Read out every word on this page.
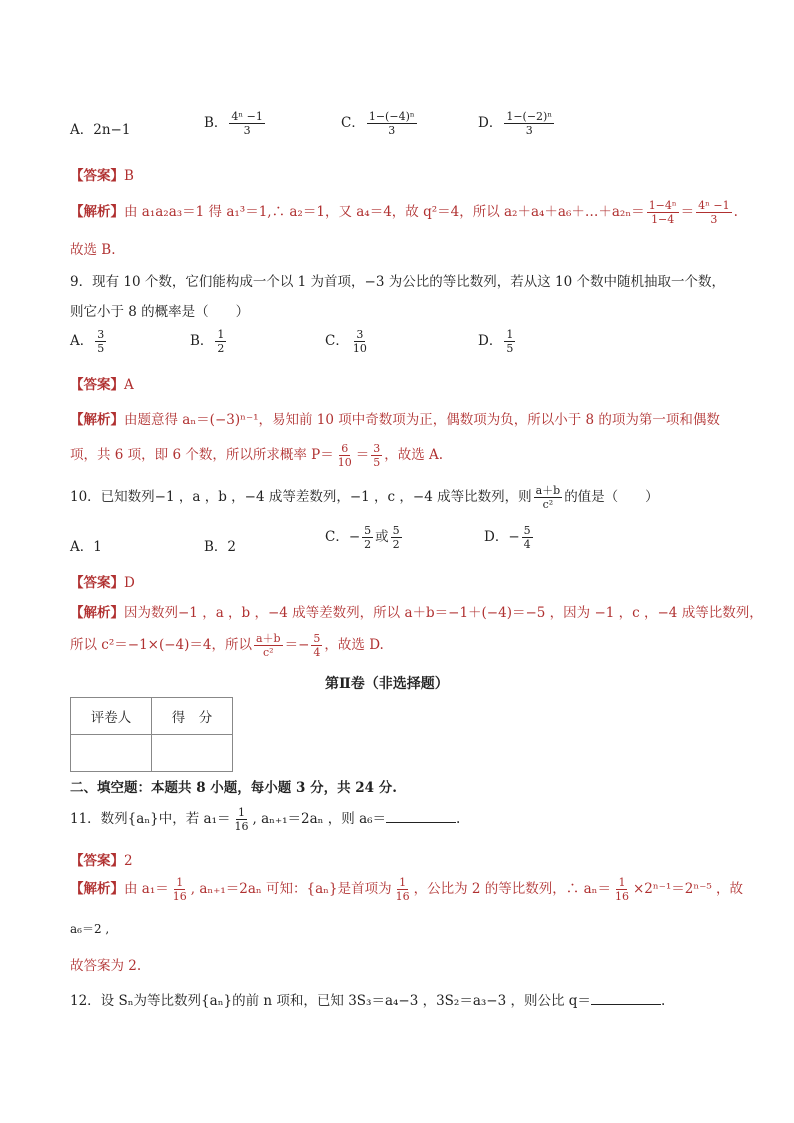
A．2n−1	B． $\frac{\text{4ⁿ −1}}{3}$	C． $\frac{\text{1−(−4)ⁿ}}{3}$	D． $\frac{\text{1−(−2)ⁿ}}{3}$
【答案】B
【解析】由 a₁a₂a₃＝1 得 a₁³＝1,∴ a₂＝1，又 a₄＝4，故 q²＝4，所以 a₂＋a₄＋a₆＋…＋a₂ₙ＝ $\frac{\text{1−4ⁿ}}{1-4} = \frac{\text{4ⁿ −1}}{3}$ .
故选 B.
9．现有 10 个数，它们能构成一个以 1 为首项，−3 为公比的等比数列，若从这 10 个数中随机抽取一个数，
则它小于 8 的概率是（　　）
A． $\frac{3}{5}$	B． $\frac{1}{2}$	C． $\frac{3}{10}$	D． $\frac{1}{5}$
【答案】A
【解析】由题意得 aₙ＝(−3)ⁿ⁻¹，易知前 10 项中奇数项为正，偶数项为负，所以小于 8 的项为第一项和偶数
项，共 6 项，即 6 个数，所以所求概率 $P= \frac{6}{10} = \frac{3}{5}$ ，故选 A.
10．已知数列−1 ，a ，b ，−4 成等差数列，−1 ，c ，−4 成等比数列，则 $\frac{a+b}{\text{c²}}$ 的值是（　　）
A．1	B．2
C．− $\frac{5}{2}$ 或 $\frac{5}{2}$	D．− $\frac{5}{4}$
【答案】D
【解析】因为数列−1 ，a ，b ，−4 成等差数列，所以 a＋b＝−1＋(−4)＝−5 ，因为 −1 ，c ，−4 成等比数列，
所以 c²＝−1×(−4)＝4，所以 $\frac{a+b}{\text{c²}} =- \frac{5}{4}$ ，故选 D.
第Ⅱ卷（非选择题）
评卷人	得　分

二、填空题：本题共 8 小题，每小题 3 分，共 24 分.
11．数列{aₙ}中，若 $a_1= \frac{1}{16}$ , aₙ₊₁＝2aₙ ，则 a₆＝	.
【答案】2
【解析】由 $a_1= \frac{1}{16}$ , aₙ₊₁＝2aₙ 可知：{aₙ}是首项为 $\frac{1}{16}$ ，公比为 2 的等比数列，∴ $a_n= \frac{1}{16} \times 2^{n-1}=2^{n-5}$ ，故
a₆＝2 ,
故答案为 2.
12．设 Sₙ为等比数列{aₙ}的前 n 项和，已知 3S₃＝a₄−3 ，3S₂＝a₃−3 ，则公比 q＝	.
